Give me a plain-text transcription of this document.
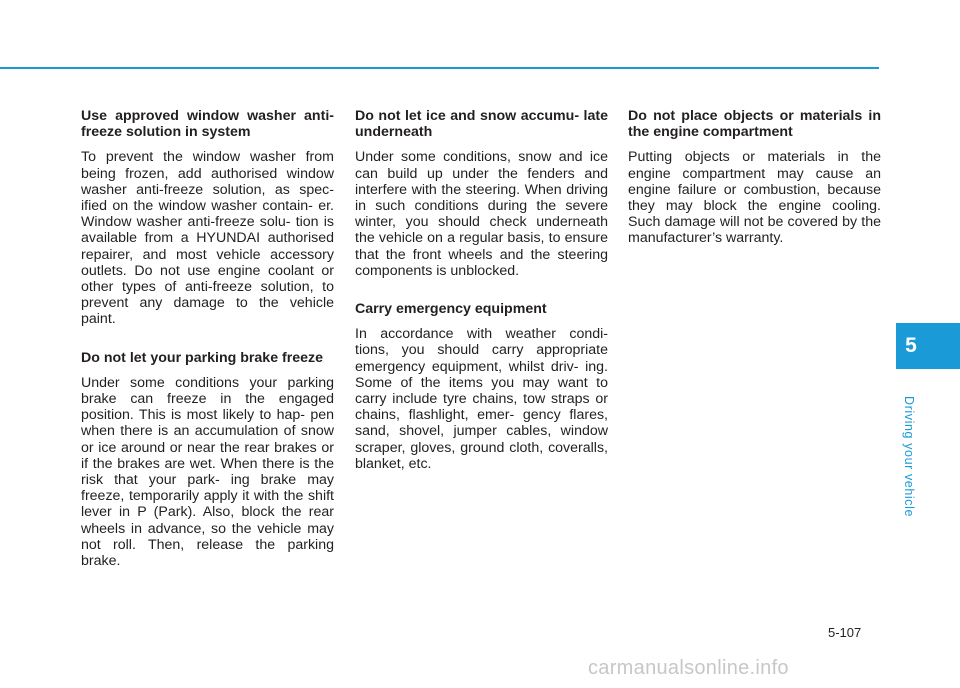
Use approved window washer anti-freeze solution in system

To prevent the window washer from being frozen, add authorised window washer anti-freeze solution, as spec- ified on the window washer contain- er. Window washer anti-freeze solu- tion is available from a HYUNDAI authorised repairer, and most vehicle accessory outlets. Do not use engine coolant or other types of anti-freeze solution, to prevent any damage to the vehicle paint.

Do not let your parking brake freeze

Under some conditions your parking brake can freeze in the engaged position. This is most likely to hap- pen when there is an accumulation of snow or ice around or near the rear brakes or if the brakes are wet. When there is the risk that your park- ing brake may freeze, temporarily apply it with the shift lever in P (Park). Also, block the rear wheels in advance, so the vehicle may not roll. Then, release the parking brake.

Do not let ice and snow accumu- late underneath

Under some conditions, snow and ice can build up under the fenders and interfere with the steering. When driving in such conditions during the severe winter, you should check underneath the vehicle on a regular basis, to ensure that the front wheels and the steering components is unblocked.

Carry emergency equipment

In accordance with weather condi- tions, you should carry appropriate emergency equipment, whilst driv- ing. Some of the items you may want to carry include tyre chains, tow straps or chains, flashlight, emer- gency flares, sand, shovel, jumper cables, window scraper, gloves, ground cloth, coveralls, blanket, etc.

Do not place objects or materials in the engine compartment

Putting objects or materials in the engine compartment may cause an engine failure or combustion, because they may block the engine cooling. Such damage will not be covered by the manufacturer’s warranty.

5
Driving your vehicle
5-107
carmanualsonline.info
